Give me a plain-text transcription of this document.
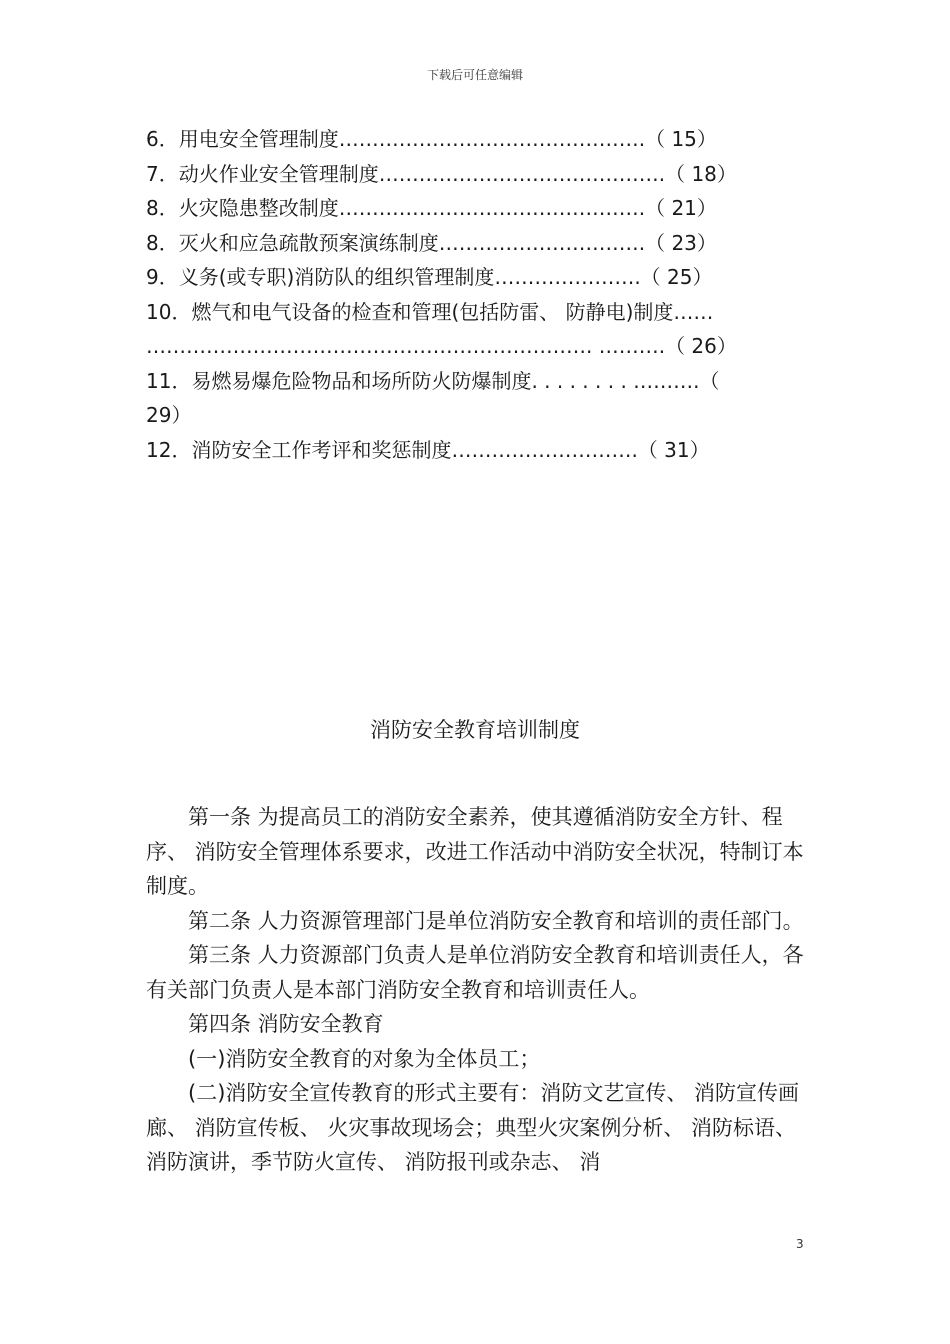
下载后可任意编辑
6．用电安全管理制度……………………………………….（ 15）
7．动火作业安全管理制度…………………………………….（ 18）
8．火灾隐患整改制度……………………………………….（ 21）
8．灭火和应急疏散预案演练制度………………………….（ 23）
9．义务(或专职)消防队的组织管理制度………………….（ 25）
10．燃气和电气设备的检查和管理(包括防雷、 防静电)制度……
…………………………………………………………. ……….（ 26）
11．易燃易爆危险物品和场所防火防爆制度. . . . . . . . ……….（
29）
12．消防安全工作考评和奖惩制度……………………….（ 31）
消防安全教育培训制度

第一条 为提高员工的消防安全素养，使其遵循消防安全方针、程序、 消防安全管理体系要求，改进工作活动中消防安全状况，特制订本制度。

第二条 人力资源管理部门是单位消防安全教育和培训的责任部门。

第三条 人力资源部门负责人是单位消防安全教育和培训责任人，各有关部门负责人是本部门消防安全教育和培训责任人。

第四条 消防安全教育

(一)消防安全教育的对象为全体员工；

(二)消防安全宣传教育的形式主要有：消防文艺宣传、 消防宣传画廊、 消防宣传板、 火灾事故现场会；典型火灾案例分析、 消防标语、 消防演讲，季节防火宣传、 消防报刊或杂志、 消

3
